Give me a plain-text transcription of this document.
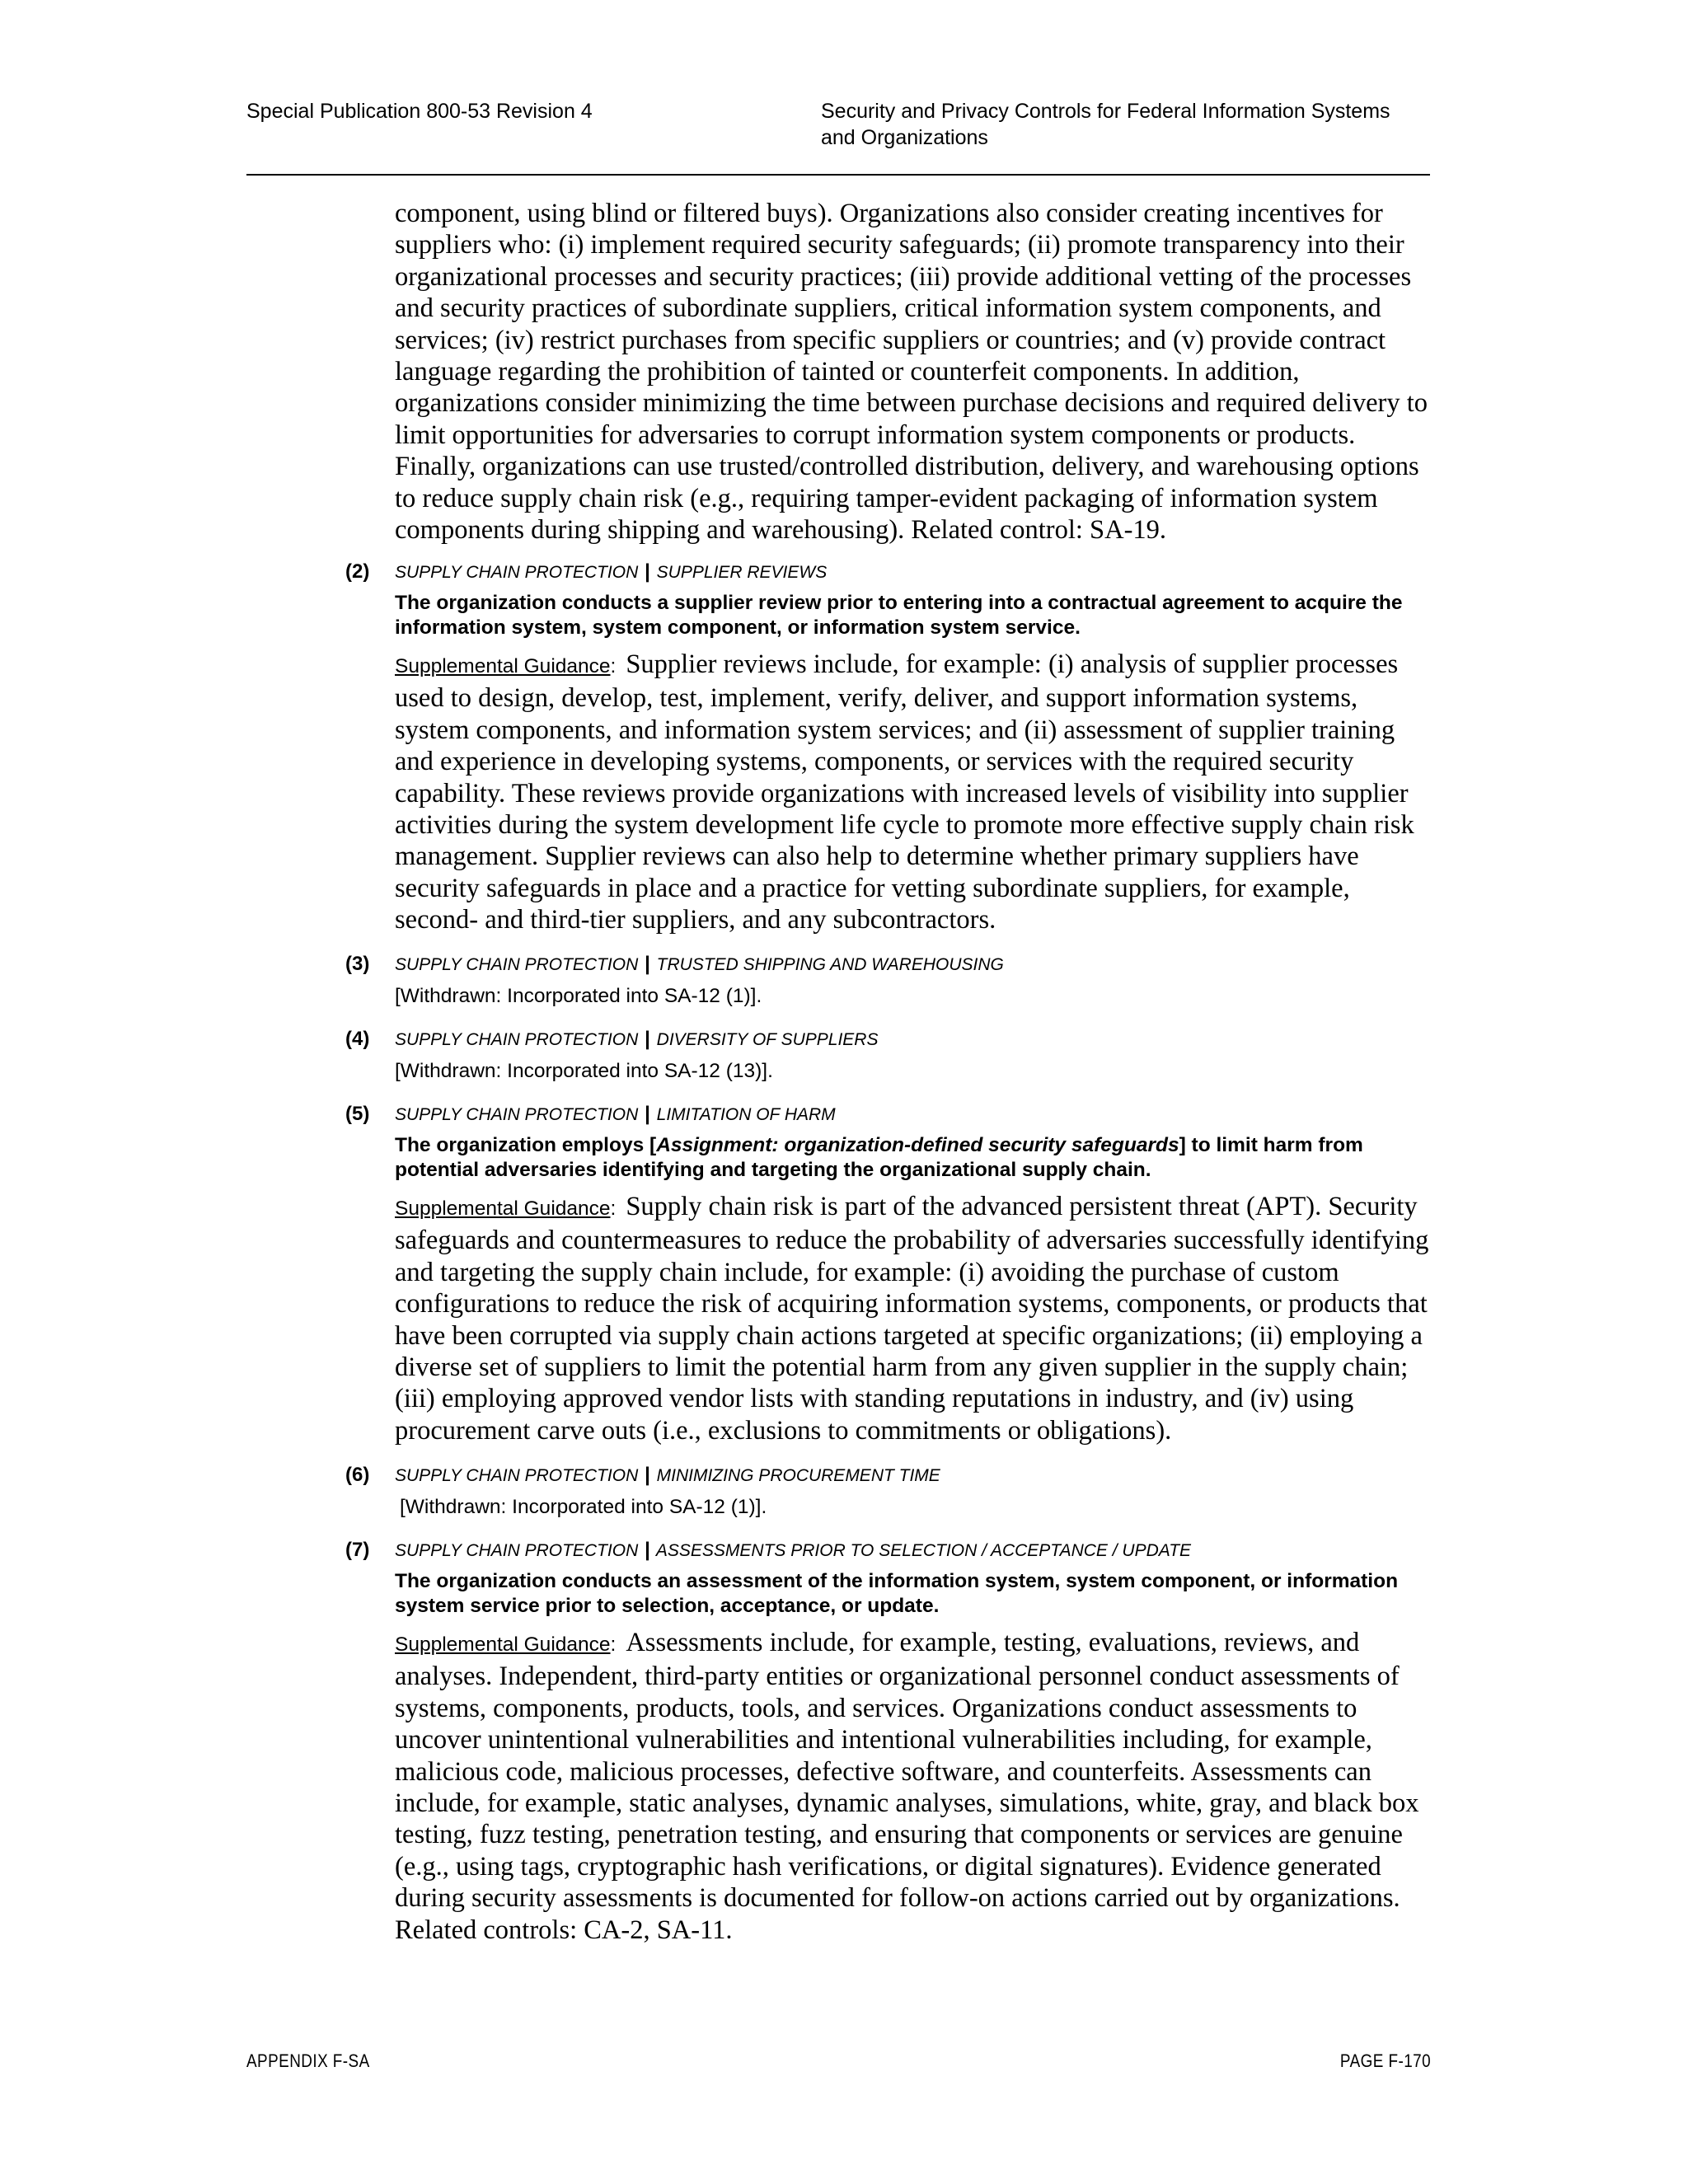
Special Publication 800-53 Revision 4	Security and Privacy Controls for Federal Information Systems
and Organizations

component, using blind or filtered buys). Organizations also consider creating incentives for suppliers who: (i) implement required security safeguards; (ii) promote transparency into their organizational processes and security practices; (iii) provide additional vetting of the processes and security practices of subordinate suppliers, critical information system components, and services; (iv) restrict purchases from specific suppliers or countries; and (v) provide contract language regarding the prohibition of tainted or counterfeit components. In addition, organizations consider minimizing the time between purchase decisions and required delivery to limit opportunities for adversaries to corrupt information system components or products. Finally, organizations can use trusted/controlled distribution, delivery, and warehousing options to reduce supply chain risk (e.g., requiring tamper-evident packaging of information system components during shipping and warehousing). Related control: SA-19.

(2)	SUPPLY CHAIN PROTECTION | SUPPLIER REVIEWS
The organization conducts a supplier review prior to entering into a contractual agreement to acquire the information system, system component, or information system service.
Supplemental Guidance: Supplier reviews include, for example: (i) analysis of supplier processes used to design, develop, test, implement, verify, deliver, and support information systems, system components, and information system services; and (ii) assessment of supplier training and experience in developing systems, components, or services with the required security capability. These reviews provide organizations with increased levels of visibility into supplier activities during the system development life cycle to promote more effective supply chain risk management. Supplier reviews can also help to determine whether primary suppliers have security safeguards in place and a practice for vetting subordinate suppliers, for example, second- and third-tier suppliers, and any subcontractors.
(3)	SUPPLY CHAIN PROTECTION | TRUSTED SHIPPING AND WAREHOUSING
[Withdrawn: Incorporated into SA-12 (1)].
(4)	SUPPLY CHAIN PROTECTION | DIVERSITY OF SUPPLIERS
[Withdrawn: Incorporated into SA-12 (13)].
(5)	SUPPLY CHAIN PROTECTION | LIMITATION OF HARM
The organization employs [Assignment: organization-defined security safeguards] to limit harm from potential adversaries identifying and targeting the organizational supply chain.
Supplemental Guidance: Supply chain risk is part of the advanced persistent threat (APT). Security safeguards and countermeasures to reduce the probability of adversaries successfully identifying and targeting the supply chain include, for example: (i) avoiding the purchase of custom configurations to reduce the risk of acquiring information systems, components, or products that have been corrupted via supply chain actions targeted at specific organizations; (ii) employing a diverse set of suppliers to limit the potential harm from any given supplier in the supply chain; (iii) employing approved vendor lists with standing reputations in industry, and (iv) using procurement carve outs (i.e., exclusions to commitments or obligations).
(6)	SUPPLY CHAIN PROTECTION | MINIMIZING PROCUREMENT TIME
[Withdrawn: Incorporated into SA-12 (1)].
(7)	SUPPLY CHAIN PROTECTION | ASSESSMENTS PRIOR TO SELECTION / ACCEPTANCE / UPDATE
The organization conducts an assessment of the information system, system component, or information system service prior to selection, acceptance, or update.
Supplemental Guidance: Assessments include, for example, testing, evaluations, reviews, and analyses. Independent, third-party entities or organizational personnel conduct assessments of systems, components, products, tools, and services. Organizations conduct assessments to uncover unintentional vulnerabilities and intentional vulnerabilities including, for example, malicious code, malicious processes, defective software, and counterfeits. Assessments can include, for example, static analyses, dynamic analyses, simulations, white, gray, and black box testing, fuzz testing, penetration testing, and ensuring that components or services are genuine (e.g., using tags, cryptographic hash verifications, or digital signatures). Evidence generated during security assessments is documented for follow-on actions carried out by organizations. Related controls: CA-2, SA-11.
APPENDIX F-SA	PAGE F-170
